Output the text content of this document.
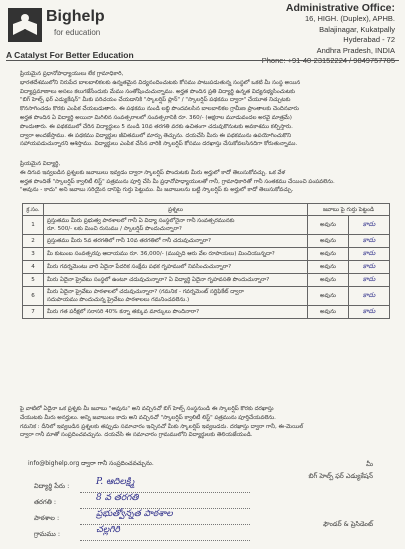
Bighelp
for education
A Catalyst For Better Education
Administrative Office:
16, HIGH. (Duplex), APHB.
Balajinagar, Kukatpally
Hyderabad - 72
Andhra Pradesh, INDIA
Phone: +91-40-23152224 / 9849757705
ప్రియమైన ప్రధానోపాధ్యాయులు లేక గ్రామాధికారి,
భారతదేశములోని నిరుపేద బాలబాలికలకు ఉన్నతమైన విద్యనందించుటకు కోసము పాటుపడుతున్న సంస్థలో ఒకటి మీ సంస్థ అయిన
విద్యాప్రమాణాలు అసలు కలుగజేసేందుకు మేము సంతోషించుచున్నాము. అర్హత పొందిన ప్రతి విద్యార్థి ఉన్నత విద్యనభ్యసించుటకు
"బిగ్ హెల్ప్ ఫర్ ఎడ్యుకేషన్" మీకు పరిచయం చేయడానికి "స్కాలర్షిప్ ప్లాన్" / "స్కాలర్షిప్ పథకము ద్వారా" చేయూత నిచ్చుటకు
కొనసాగించడం కొరకు ఎంపిక చేయబడుతారు. ఈ పథకము నుండి లబ్ధి పొందవలసిన బాలబాలికల గ్రామీణ ప్రాంతాలకు చెందినవారు
అర్హత పొందిన ఏ విద్యార్థి అయినా మిగిలిన సంవత్సరాలలో సంవత్సరానికి రూ. 360/- (అక్షరాల మూడువందల అరవై మాత్రమే)
పొందుతారు. ఈ పథకములో చేరిన విద్యార్థులు 5 నుండి 10వ తరగతి వరకు ఉచితంగా చదువుకొనుటకు అవకాశము కల్పిస్తారు.
ద్వారా అందజేస్తాము. ఈ పథకము విద్యార్థుల జీవితములో మార్పు తెచ్చును. దయచేసి మీరు ఈ పథకమును ఉపయోగించుకొని
సహాయపడుచున్నారని ఆశిస్తాము. విద్యార్థులు ఎంపిక చేసిన వారికి స్కాలర్షిప్ కోసము దరఖాస్తు చేసుకోవలసినదిగా కోరుతున్నాము.
ప్రియమైన విద్యార్థి,
ఈ దిగువ ఇవ్వబడిన ప్రశ్నలకు జవాబులు ఇవ్వడం ద్వారా స్కాలర్షిప్ పొందుటకు మీరు అర్హులో కాదో తెలుసుకోవచ్చు. ఒక వేళ
అర్హత పొందితే "స్కాలర్షిప్ క్వాలిటీ లిస్ట్" పత్రమును పూర్తి చేసి మీ ప్రధానోపాధ్యాయులతో గానీ, గ్రామాధికారితో గానీ సంతకము చేయించి పంపవలెను.
"అవును - కాదు" అని జవాబు సరియైన దానిపై గుర్తు పెట్టుము. మీ జవాబులను బట్టి స్కాలర్షిప్ కు అర్హులో కాదో తెలుసుకోవచ్చు.
క్ర.సం.	ప్రశ్నలు	జవాబు పై గుర్తు పెట్టండి	
1	ప్రస్తుతము మీరు ప్రభుత్వ పాఠశాలలో గానీ ఏ విద్యా సంస్థలోనైనా గానీ సంవత్సరమునకు
రూ. 500/- లకు మించి రుసుము / స్కాలర్షిప్ పొందుచున్నారా?	అవును	కాదు
2	ప్రస్తుతము మీరు 5వ తరగతిలో గానీ 10వ తరగతిలో గానీ చదువుచున్నారా?	అవును	కాదు
3	మీ కుటుంబ సంవత్సరపు ఆదాయము రూ. 36,000/- (ముప్పది ఆరు వేల రూపాయలు) మించియున్నదా?	అవును	కాదు
4	మీరు గవర్నమెంటు వారి ఏదైనా పేదరిక సంక్షేమ పథక గృహములో నివసించుచున్నారా?	అవును	కాదు
5	మీరు ఏదైనా ప్రైవేటు సంస్థలో ఉంటూ చదువుచున్నారా? ఏ విద్యార్థి ఏదైనా గృహవసతి పొందుచున్నారా?	అవును	కాదు
6	మీరు ఏదైనా ప్రైవేటు పాఠశాలలో చదువుచున్నారా? (గమనిక - గవర్నమెంట్ సర్టిఫికేట్ ద్వారా
సదుపాయము పొందుచున్న ప్రైవేటు పాఠశాలలు గమనించవలెను.)	అవును	కాదు
7	మీరు గత పరీక్షలో సరాసరి 40% కన్నా తక్కువ మార్కులు పొందినారా?	అవును	కాదు
పై వాటిలో ఏదైనా ఒక ప్రశ్నకు మీ జవాబు "అవును" అని వచ్చినచో బిగ్ హెల్ప్ సంస్థనుండి ఈ స్కాలర్షిప్ కొరకు దరఖాస్తు
చేయుటకు మీరు అనర్హులు. అన్ని జవాబులు కాదు అని వచ్చినచో "స్కాలర్షిప్ క్వాలిటీ లిస్ట్" పత్రమును పూర్తిచేయవలెను.
గమనిక : దీనిలో ఇవ్వబడిన ప్రశ్నలకు తప్పుడు సమాచారం ఇచ్చినచో మీకు స్కాలర్షిప్ ఇవ్వబడదు. దరఖాస్తు ద్వారా గానీ, ఈ-మెయిల్
ద్వారా గానీ మాతో సంప్రదించవచ్చును. దయచేసి ఈ సమాచారం గ్రామములోని విద్యార్థులకు తెలియజేయండి.
info@bighelp.org ద్వారా గానీ సంప్రదించవచ్చును.	మీ
బిగ్ హెల్ప్ ఫర్ ఎడ్యుకేషన్
విద్యార్థి పేరు :	P. ఆదిలక్ష్మి
తరగతి :	8 వ తరగతి
పాఠశాల :	ప్రభుత్వోన్నత పాఠశాల
గ్రామము :	చల్లగిరి
ఫౌండర్ & ప్రెసిడెంట్
